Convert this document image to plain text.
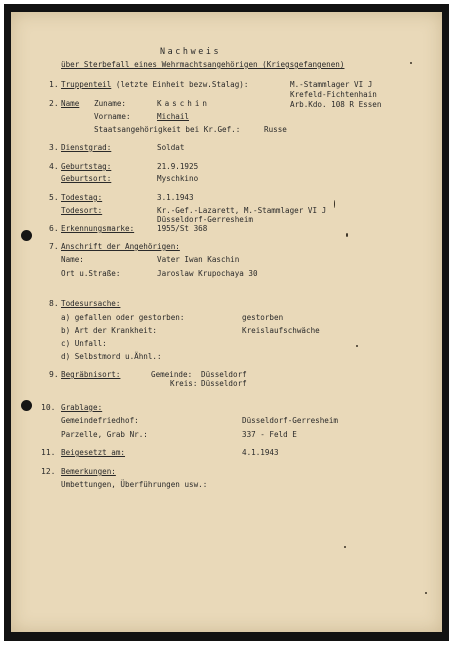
Nachweis
über Sterbefall eines Wehrmachtsangehörigen (Kriegsgefangenen)
1. Truppenteil (letzte Einheit bezw.Stalag):	M.-Stammlager VI J
Krefeld-Fichtenhain
Arb.Kdo. 108 R Essen
2. Name Zuname:	Kaschin
Vorname:	Michail
Staatsangehörigkeit bei Kr.Gef.:	Russe
3. Dienstgrad:	Soldat
4. Geburtstag:	21.9.1925
Geburtsort:	Myschkino
5. Todestag:	3.1.1943
Todesort:	Kr.-Gef.-Lazarett, M.-Stammlager VI J
Düsseldorf-Gerresheim
6. Erkennungsmarke:	1955/St 368
7. Anschrift der Angehörigen:
Name:	Vater Iwan Kaschin
Ort u.Straße:	Jaroslaw Krupochaya 30
8. Todesursache:
a) gefallen oder gestorben:	gestorben
b) Art der Krankheit:	Kreislaufschwäche
c) Unfall:
d) Selbstmord u.Ähnl.:
9. Begräbnisort:	Gemeinde: Düsseldorf
Kreis: Düsseldorf
10. Grablage:
Gemeindefriedhof:	Düsseldorf-Gerresheim
Parzelle, Grab Nr.:	337 - Feld E
11. Beigesetzt am:	4.1.1943
12. Bemerkungen:
Umbettungen, Überführungen usw.:
